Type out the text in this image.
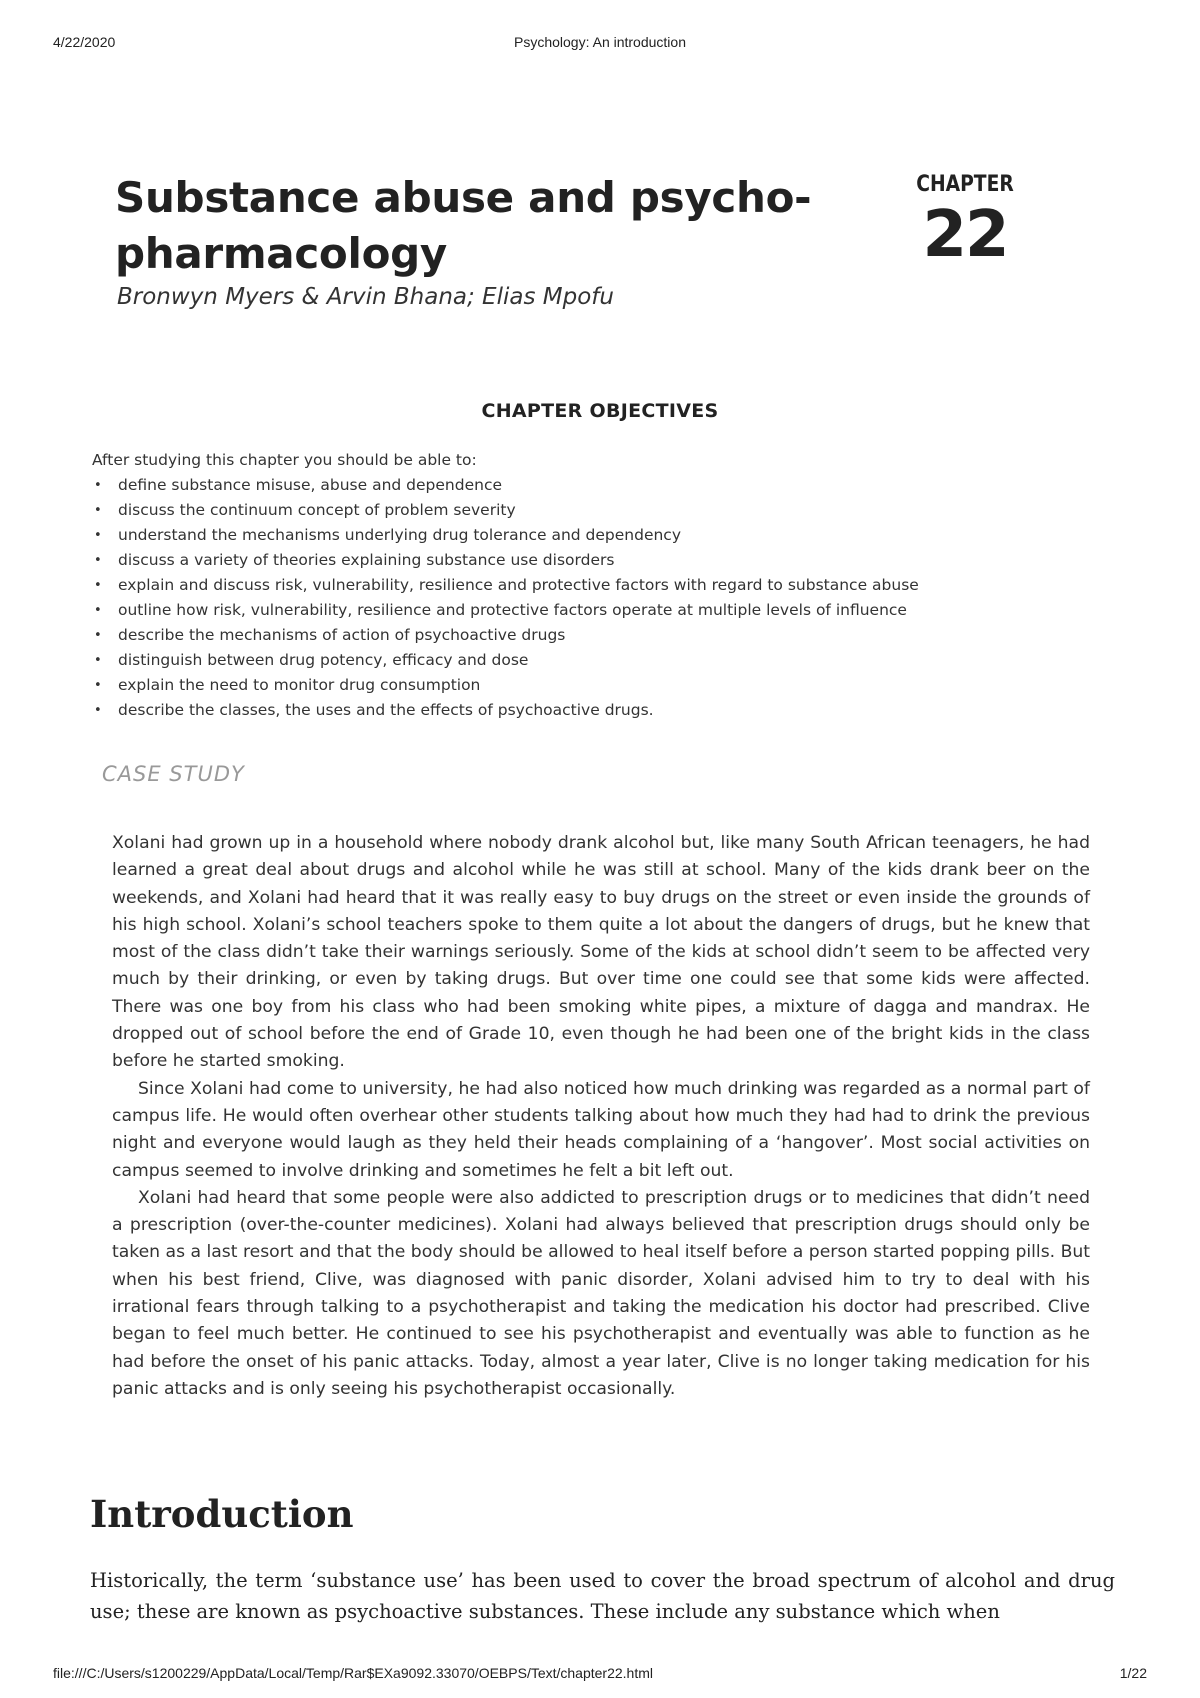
4/22/2020	Psychology: An introduction
Substance abuse and psycho-pharmacology
Bronwyn Myers & Arvin Bhana; Elias Mpofu
CHAPTER
22
CHAPTER OBJECTIVES
After studying this chapter you should be able to:
• define substance misuse, abuse and dependence
• discuss the continuum concept of problem severity
• understand the mechanisms underlying drug tolerance and dependency
• discuss a variety of theories explaining substance use disorders
• explain and discuss risk, vulnerability, resilience and protective factors with regard to substance abuse
• outline how risk, vulnerability, resilience and protective factors operate at multiple levels of influence
• describe the mechanisms of action of psychoactive drugs
• distinguish between drug potency, efficacy and dose
• explain the need to monitor drug consumption
• describe the classes, the uses and the effects of psychoactive drugs.
CASE STUDY

Xolani had grown up in a household where nobody drank alcohol but, like many South African teenagers, he had learned a great deal about drugs and alcohol while he was still at school. Many of the kids drank beer on the weekends, and Xolani had heard that it was really easy to buy drugs on the street or even inside the grounds of his high school. Xolani’s school teachers spoke to them quite a lot about the dangers of drugs, but he knew that most of the class didn’t take their warnings seriously. Some of the kids at school didn’t seem to be affected very much by their drinking, or even by taking drugs. But over time one could see that some kids were affected. There was one boy from his class who had been smoking white pipes, a mixture of dagga and mandrax. He dropped out of school before the end of Grade 10, even though he had been one of the bright kids in the class before he started smoking.

Since Xolani had come to university, he had also noticed how much drinking was regarded as a normal part of campus life. He would often overhear other students talking about how much they had had to drink the previous night and everyone would laugh as they held their heads complaining of a ‘hangover’. Most social activities on campus seemed to involve drinking and sometimes he felt a bit left out.

Xolani had heard that some people were also addicted to prescription drugs or to medicines that didn’t need a prescription (over-the-counter medicines). Xolani had always believed that prescription drugs should only be taken as a last resort and that the body should be allowed to heal itself before a person started popping pills. But when his best friend, Clive, was diagnosed with panic disorder, Xolani advised him to try to deal with his irrational fears through talking to a psychotherapist and taking the medication his doctor had prescribed. Clive began to feel much better. He continued to see his psychotherapist and eventually was able to function as he had before the onset of his panic attacks. Today, almost a year later, Clive is no longer taking medication for his panic attacks and is only seeing his psychotherapist occasionally.

Introduction

Historically, the term ‘substance use’ has been used to cover the broad spectrum of alcohol and drug use; these are known as psychoactive substances. These include any substance which when

file:///C:/Users/s1200229/AppData/Local/Temp/Rar$EXa9092.33070/OEBPS/Text/chapter22.html	1/22
